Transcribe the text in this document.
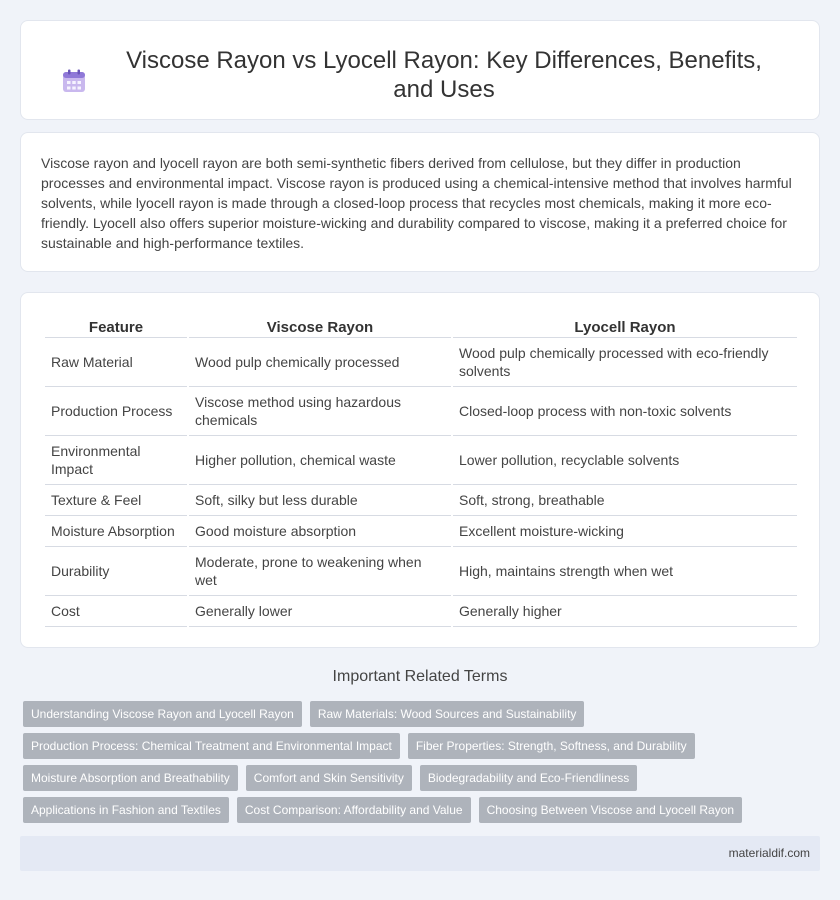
Viscose Rayon vs Lyocell Rayon: Key Differences, Benefits, and Uses

Viscose rayon and lyocell rayon are both semi-synthetic fibers derived from cellulose, but they differ in production processes and environmental impact. Viscose rayon is produced using a chemical-intensive method that involves harmful solvents, while lyocell rayon is made through a closed-loop process that recycles most chemicals, making it more eco-friendly. Lyocell also offers superior moisture-wicking and durability compared to viscose, making it a preferred choice for sustainable and high-performance textiles.

Feature	Viscose Rayon	Lyocell Rayon
Raw Material	Wood pulp chemically processed	Wood pulp chemically processed with eco-friendly solvents
Production Process	Viscose method using hazardous chemicals	Closed-loop process with non-toxic solvents
Environmental Impact	Higher pollution, chemical waste	Lower pollution, recyclable solvents
Texture & Feel	Soft, silky but less durable	Soft, strong, breathable
Moisture Absorption	Good moisture absorption	Excellent moisture-wicking
Durability	Moderate, prone to weakening when wet	High, maintains strength when wet
Cost	Generally lower	Generally higher
Important Related Terms
Understanding Viscose Rayon and Lyocell Rayon	Raw Materials: Wood Sources and Sustainability
Production Process: Chemical Treatment and Environmental Impact	Fiber Properties: Strength, Softness, and Durability
Moisture Absorption and Breathability	Comfort and Skin Sensitivity	Biodegradability and Eco-Friendliness
Applications in Fashion and Textiles	Cost Comparison: Affordability and Value	Choosing Between Viscose and Lyocell Rayon
materialdif.com
